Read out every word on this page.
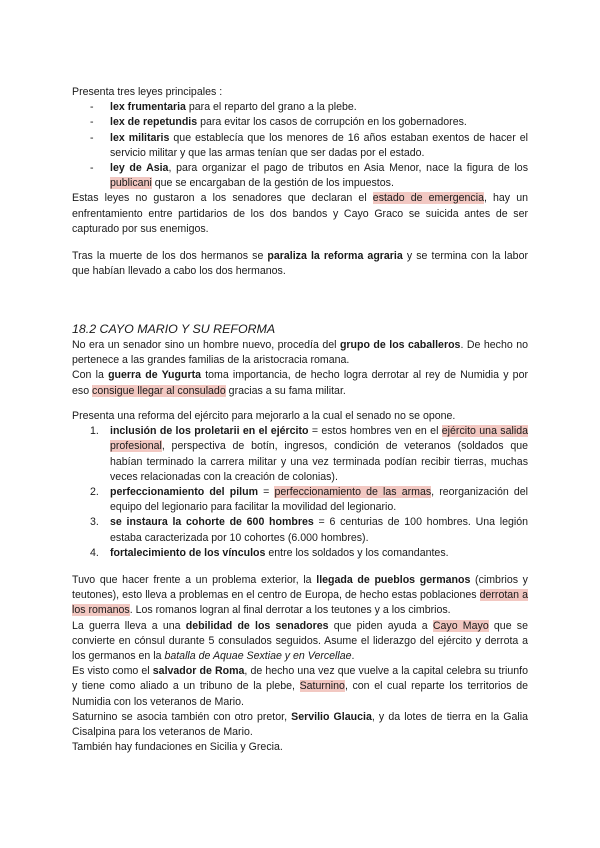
Presenta tres leyes principales :

- lex frumentaria para el reparto del grano a la plebe.
- lex de repetundis para evitar los casos de corrupción en los gobernadores.
- lex militaris que establecía que los menores de 16 años estaban exentos de hacer el servicio militar y que las armas tenían que ser dadas por el estado.
- ley de Asia, para organizar el pago de tributos en Asia Menor, nace la figura de los publicani que se encargaban de la gestión de los impuestos.

Estas leyes no gustaron a los senadores que declaran el estado de emergencia, hay un enfrentamiento entre partidarios de los dos bandos y Cayo Graco se suicida antes de ser capturado por sus enemigos.

Tras la muerte de los dos hermanos se paraliza la reforma agraria y se termina con la labor que habían llevado a cabo los dos hermanos.

18.2 CAYO MARIO Y SU REFORMA

No era un senador sino un hombre nuevo, procedía del grupo de los caballeros. De hecho no pertenece a las grandes familias de la aristocracia romana.

Con la guerra de Yugurta toma importancia, de hecho logra derrotar al rey de Numidia y por eso consigue llegar al consulado gracias a su fama militar.

Presenta una reforma del ejército para mejorarlo a la cual el senado no se opone.

1. inclusión de los proletarii en el ejército = estos hombres ven en el ejército una salida profesional, perspectiva de botín, ingresos, condición de veteranos (soldados que habían terminado la carrera militar y una vez terminada podían recibir tierras, muchas veces relacionadas con la creación de colonias).
2. perfeccionamiento del pilum = perfeccionamiento de las armas, reorganización del equipo del legionario para facilitar la movilidad del legionario.
3. se instaura la cohorte de 600 hombres = 6 centurias de 100 hombres. Una legión estaba caracterizada por 10 cohortes (6.000 hombres).
4. fortalecimiento de los vínculos entre los soldados y los comandantes.

Tuvo que hacer frente a un problema exterior, la llegada de pueblos germanos (cimbrios y teutones), esto lleva a problemas en el centro de Europa, de hecho estas poblaciones derrotan a los romanos. Los romanos logran al final derrotar a los teutones y a los cimbrios.

La guerra lleva a una debilidad de los senadores que piden ayuda a Cayo Mayo que se convierte en cónsul durante 5 consulados seguidos. Asume el liderazgo del ejército y derrota a los germanos en la batalla de Aquae Sextiae y en Vercellae.

Es visto como el salvador de Roma, de hecho una vez que vuelve a la capital celebra su triunfo y tiene como aliado a un tribuno de la plebe, Saturnino, con el cual reparte los territorios de Numidia con los veteranos de Mario.

Saturnino se asocia también con otro pretor, Servilio Glaucia, y da lotes de tierra en la Galia Cisalpina para los veteranos de Mario.

También hay fundaciones en Sicilia y Grecia.
